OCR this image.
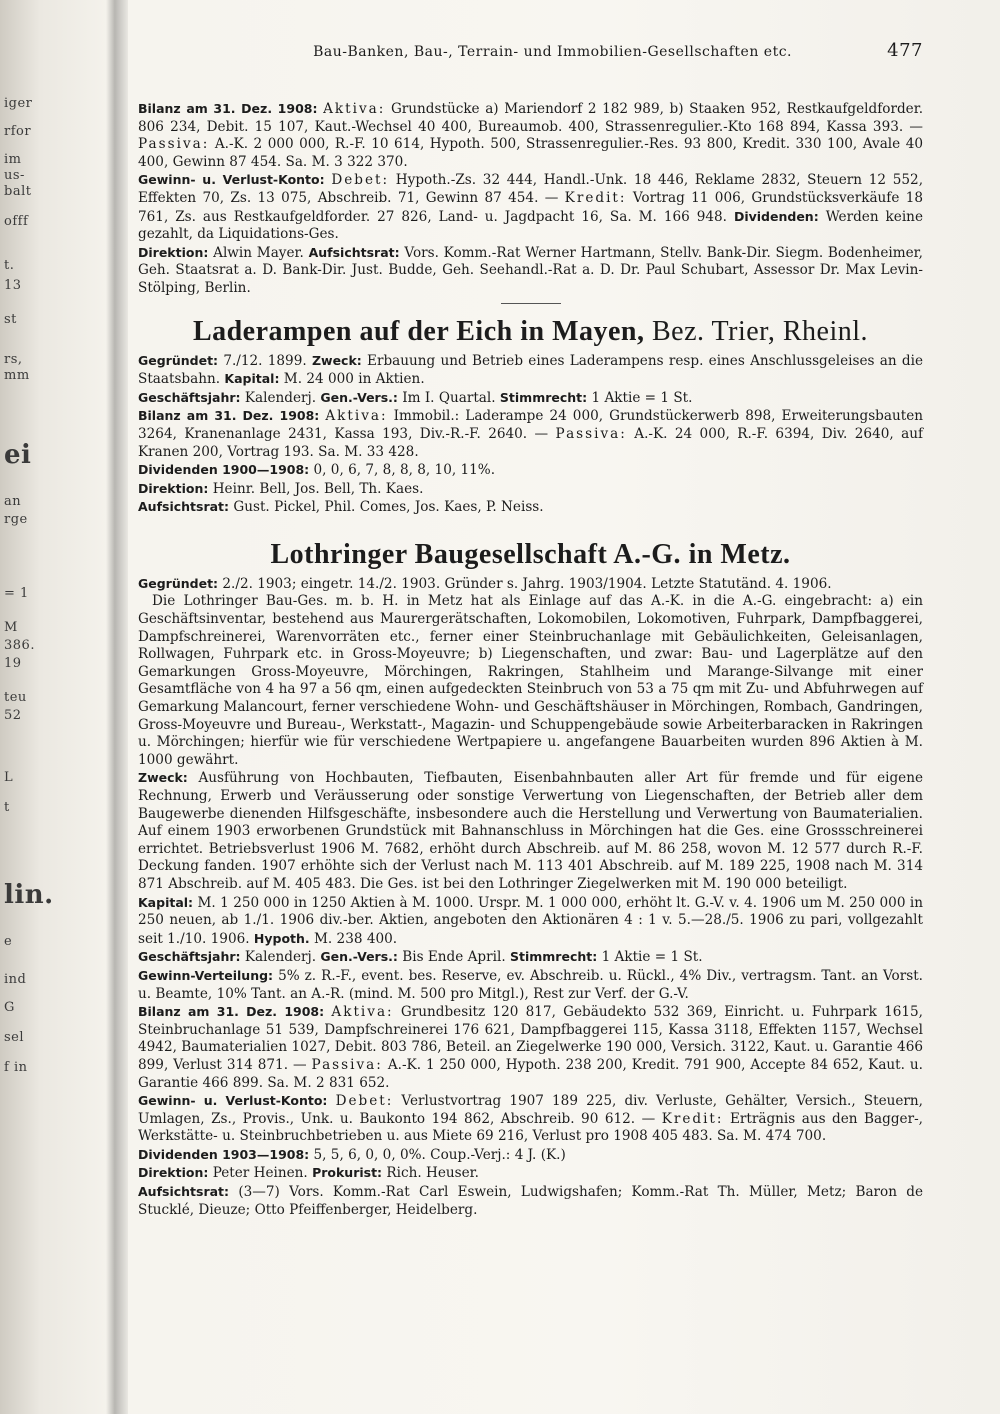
iger
rfor
im
us-
balt
offf
t.
13
st
rs,
mm
ei
an
rge
= 1
M
386.
19
teu
52
L
t
lin.
e
ind
G
sel
f in
Bau-Banken, Bau-, Terrain- und Immobilien-Gesellschaften etc.	477

Bilanz am 31. Dez. 1908: Aktiva: Grundstücke a) Mariendorf 2 182 989, b) Staaken 952, Restkaufgeldforder. 806 234, Debit. 15 107, Kaut.-Wechsel 40 400, Bureaumob. 400, Strassenregulier.-Kto 168 894, Kassa 393. — Passiva: A.-K. 2 000 000, R.-F. 10 614, Hypoth. 500, Strassenregulier.-Res. 93 800, Kredit. 330 100, Avale 40 400, Gewinn 87 454. Sa. M. 3 322 370.

Gewinn- u. Verlust-Konto: Debet: Hypoth.-Zs. 32 444, Handl.-Unk. 18 446, Reklame 2832, Steuern 12 552, Effekten 70, Zs. 13 075, Abschreib. 71, Gewinn 87 454. — Kredit: Vortrag 11 006, Grundstücksverkäufe 18 761, Zs. aus Restkaufgeldforder. 27 826, Land- u. Jagdpacht 16, Sa. M. 166 948. Dividenden: Werden keine gezahlt, da Liquidations-Ges.

Direktion: Alwin Mayer. Aufsichtsrat: Vors. Komm.-Rat Werner Hartmann, Stellv. Bank-Dir. Siegm. Bodenheimer, Geh. Staatsrat a. D. Bank-Dir. Just. Budde, Geh. Seehandl.-Rat a. D. Dr. Paul Schubart, Assessor Dr. Max Levin-Stölping, Berlin.

Laderampen auf der Eich in Mayen, Bez. Trier, Rheinl.

Gegründet: 7./12. 1899. Zweck: Erbauung und Betrieb eines Laderampens resp. eines Anschlussgeleises an die Staatsbahn. Kapital: M. 24 000 in Aktien.

Geschäftsjahr: Kalenderj. Gen.-Vers.: Im I. Quartal. Stimmrecht: 1 Aktie = 1 St.

Bilanz am 31. Dez. 1908: Aktiva: Immobil.: Laderampe 24 000, Grundstückerwerb 898, Erweiterungsbauten 3264, Kranenanlage 2431, Kassa 193, Div.-R.-F. 2640. — Passiva: A.-K. 24 000, R.-F. 6394, Div. 2640, auf Kranen 200, Vortrag 193. Sa. M. 33 428.

Dividenden 1900—1908: 0, 0, 6, 7, 8, 8, 8, 10, 11%.

Direktion: Heinr. Bell, Jos. Bell, Th. Kaes.

Aufsichtsrat: Gust. Pickel, Phil. Comes, Jos. Kaes, P. Neiss.

Lothringer Baugesellschaft A.-G. in Metz.

Gegründet: 2./2. 1903; eingetr. 14./2. 1903. Gründer s. Jahrg. 1903/1904. Letzte Statutänd. 4. 1906.

Die Lothringer Bau-Ges. m. b. H. in Metz hat als Einlage auf das A.-K. in die A.-G. eingebracht: a) ein Geschäftsinventar, bestehend aus Maurergerätschaften, Lokomobilen, Lokomotiven, Fuhrpark, Dampfbaggerei, Dampfschreinerei, Warenvorräten etc., ferner einer Steinbruchanlage mit Gebäulichkeiten, Geleisanlagen, Rollwagen, Fuhrpark etc. in Gross-Moyeuvre; b) Liegenschaften, und zwar: Bau- und Lagerplätze auf den Gemarkungen Gross-Moyeuvre, Mörchingen, Rakringen, Stahlheim und Marange-Silvange mit einer Gesamtfläche von 4 ha 97 a 56 qm, einen aufgedeckten Steinbruch von 53 a 75 qm mit Zu- und Abfuhrwegen auf Gemarkung Malancourt, ferner verschiedene Wohn- und Geschäftshäuser in Mörchingen, Rombach, Gandringen, Gross-Moyeuvre und Bureau-, Werkstatt-, Magazin- und Schuppengebäude sowie Arbeiterbaracken in Rakringen u. Mörchingen; hierfür wie für verschiedene Wertpapiere u. angefangene Bauarbeiten wurden 896 Aktien à M. 1000 gewährt.

Zweck: Ausführung von Hochbauten, Tiefbauten, Eisenbahnbauten aller Art für fremde und für eigene Rechnung, Erwerb und Veräusserung oder sonstige Verwertung von Liegenschaften, der Betrieb aller dem Baugewerbe dienenden Hilfsgeschäfte, insbesondere auch die Herstellung und Verwertung von Baumaterialien. Auf einem 1903 erworbenen Grundstück mit Bahnanschluss in Mörchingen hat die Ges. eine Grossschreinerei errichtet. Betriebsverlust 1906 M. 7682, erhöht durch Abschreib. auf M. 86 258, wovon M. 12 577 durch R.-F. Deckung fanden. 1907 erhöhte sich der Verlust nach M. 113 401 Abschreib. auf M. 189 225, 1908 nach M. 314 871 Abschreib. auf M. 405 483. Die Ges. ist bei den Lothringer Ziegelwerken mit M. 190 000 beteiligt.

Kapital: M. 1 250 000 in 1250 Aktien à M. 1000. Urspr. M. 1 000 000, erhöht lt. G.-V. v. 4. 1906 um M. 250 000 in 250 neuen, ab 1./1. 1906 div.-ber. Aktien, angeboten den Aktionären 4 : 1 v. 5.—28./5. 1906 zu pari, vollgezahlt seit 1./10. 1906. Hypoth. M. 238 400.

Geschäftsjahr: Kalenderj. Gen.-Vers.: Bis Ende April. Stimmrecht: 1 Aktie = 1 St.

Gewinn-Verteilung: 5% z. R.-F., event. bes. Reserve, ev. Abschreib. u. Rückl., 4% Div., vertragsm. Tant. an Vorst. u. Beamte, 10% Tant. an A.-R. (mind. M. 500 pro Mitgl.), Rest zur Verf. der G.-V.

Bilanz am 31. Dez. 1908: Aktiva: Grundbesitz 120 817, Gebäudekto 532 369, Einricht. u. Fuhrpark 1615, Steinbruchanlage 51 539, Dampfschreinerei 176 621, Dampfbaggerei 115, Kassa 3118, Effekten 1157, Wechsel 4942, Baumaterialien 1027, Debit. 803 786, Beteil. an Ziegelwerke 190 000, Versich. 3122, Kaut. u. Garantie 466 899, Verlust 314 871. — Passiva: A.-K. 1 250 000, Hypoth. 238 200, Kredit. 791 900, Accepte 84 652, Kaut. u. Garantie 466 899. Sa. M. 2 831 652.

Gewinn- u. Verlust-Konto: Debet: Verlustvortrag 1907 189 225, div. Verluste, Gehälter, Versich., Steuern, Umlagen, Zs., Provis., Unk. u. Baukonto 194 862, Abschreib. 90 612. — Kredit: Erträgnis aus den Bagger-, Werkstätte- u. Steinbruchbetrieben u. aus Miete 69 216, Verlust pro 1908 405 483. Sa. M. 474 700.

Dividenden 1903—1908: 5, 5, 6, 0, 0, 0%. Coup.-Verj.: 4 J. (K.)

Direktion: Peter Heinen. Prokurist: Rich. Heuser.

Aufsichtsrat: (3—7) Vors. Komm.-Rat Carl Eswein, Ludwigshafen; Komm.-Rat Th. Müller, Metz; Baron de Stucklé, Dieuze; Otto Pfeiffenberger, Heidelberg.
